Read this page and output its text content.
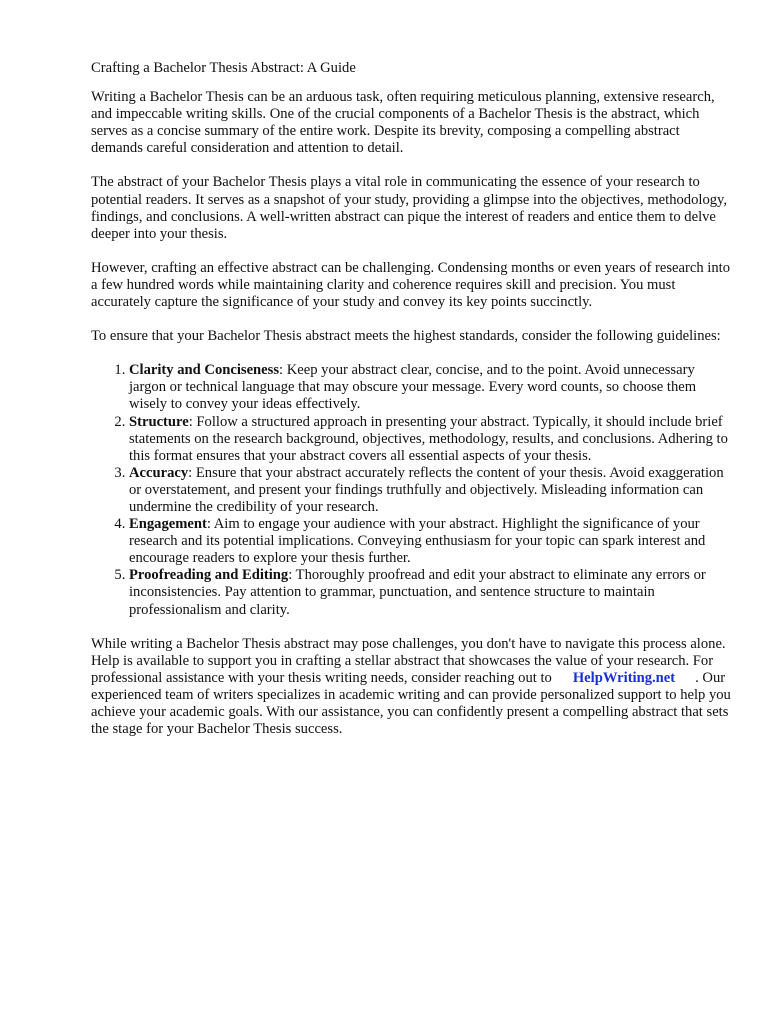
Crafting a Bachelor Thesis Abstract: A Guide

Writing a Bachelor Thesis can be an arduous task, often requiring meticulous planning, extensive research, and impeccable writing skills. One of the crucial components of a Bachelor Thesis is the abstract, which serves as a concise summary of the entire work. Despite its brevity, composing a compelling abstract demands careful consideration and attention to detail.

The abstract of your Bachelor Thesis plays a vital role in communicating the essence of your research to potential readers. It serves as a snapshot of your study, providing a glimpse into the objectives, methodology, findings, and conclusions. A well-written abstract can pique the interest of readers and entice them to delve deeper into your thesis.

However, crafting an effective abstract can be challenging. Condensing months or even years of research into a few hundred words while maintaining clarity and coherence requires skill and precision. You must accurately capture the significance of your study and convey its key points succinctly.

To ensure that your Bachelor Thesis abstract meets the highest standards, consider the following guidelines:

1. Clarity and Conciseness: Keep your abstract clear, concise, and to the point. Avoid unnecessary jargon or technical language that may obscure your message. Every word counts, so choose them wisely to convey your ideas effectively.
2. Structure: Follow a structured approach in presenting your abstract. Typically, it should include brief statements on the research background, objectives, methodology, results, and conclusions. Adhering to this format ensures that your abstract covers all essential aspects of your thesis.
3. Accuracy: Ensure that your abstract accurately reflects the content of your thesis. Avoid exaggeration or overstatement, and present your findings truthfully and objectively. Misleading information can undermine the credibility of your research.
4. Engagement: Aim to engage your audience with your abstract. Highlight the significance of your research and its potential implications. Conveying enthusiasm for your topic can spark interest and encourage readers to explore your thesis further.
5. Proofreading and Editing: Thoroughly proofread and edit your abstract to eliminate any errors or inconsistencies. Pay attention to grammar, punctuation, and sentence structure to maintain professionalism and clarity.

While writing a Bachelor Thesis abstract may pose challenges, you don't have to navigate this process alone. Help is available to support you in crafting a stellar abstract that showcases the value of your research. For professional assistance with your thesis writing needs, consider reaching out to HelpWriting.net . Our experienced team of writers specializes in academic writing and can provide personalized support to help you achieve your academic goals. With our assistance, you can confidently present a compelling abstract that sets the stage for your Bachelor Thesis success.
